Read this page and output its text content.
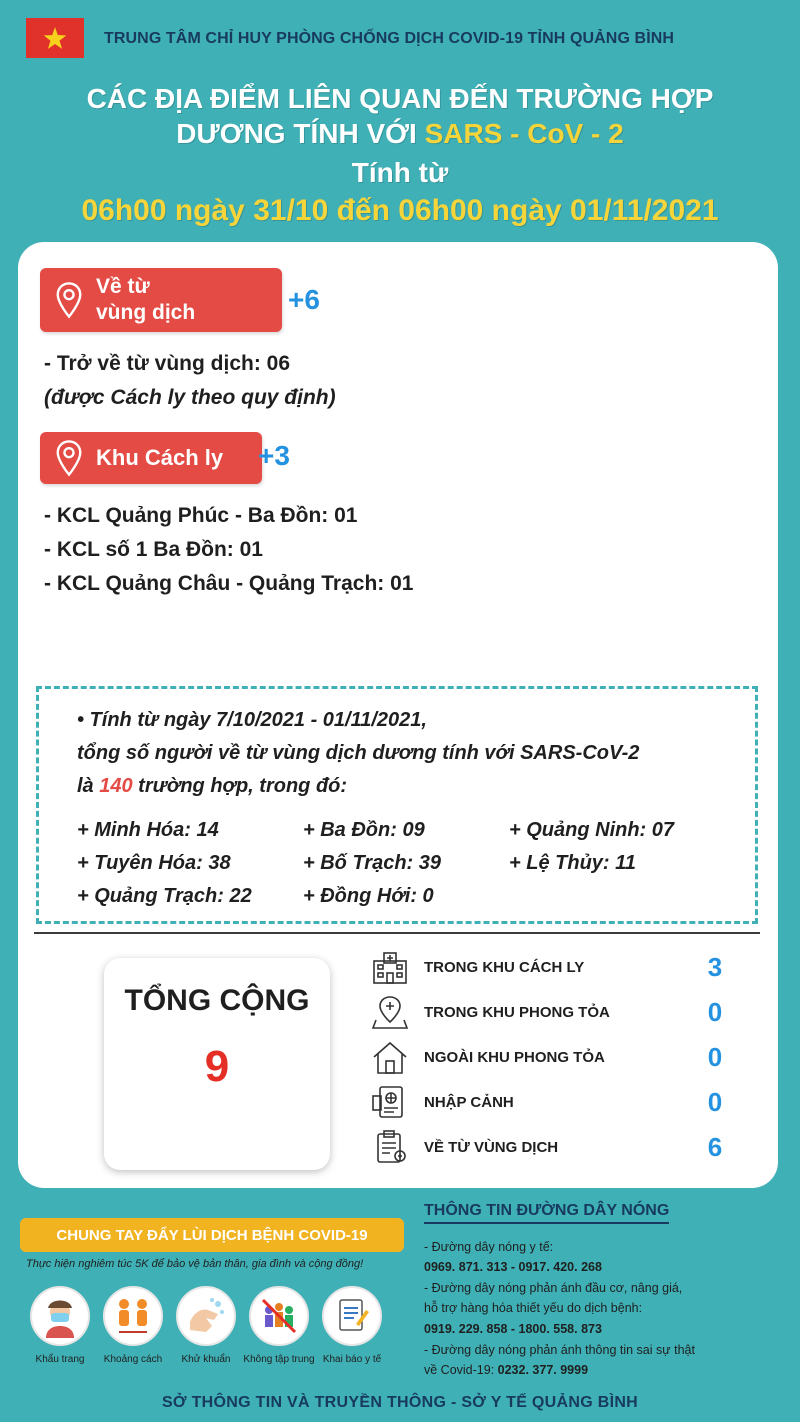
TRUNG TÂM CHỈ HUY PHÒNG CHỐNG DỊCH COVID-19 TỈNH QUẢNG BÌNH
CÁC ĐỊA ĐIỂM LIÊN QUAN ĐẾN TRƯỜNG HỢP
DƯƠNG TÍNH VỚI SARS - CoV - 2
Tính từ
06h00 ngày 31/10 đến 06h00 ngày 01/11/2021
Về từ
vùng dịch	+6
- Trở về từ vùng dịch: 06
(được Cách ly theo quy định)
Khu Cách ly +3
- KCL Quảng Phúc - Ba Đồn: 01
- KCL số 1 Ba Đồn: 01
- KCL Quảng Châu - Quảng Trạch: 01
• Tính từ ngày 7/10/2021 - 01/11/2021,
tổng số người về từ vùng dịch dương tính với SARS-CoV-2
là 140 trường hợp, trong đó:
+ Minh Hóa: 14	+ Ba Đồn: 09	+ Quảng Ninh: 07
+ Tuyên Hóa: 38	+ Bố Trạch: 39	+ Lệ Thủy: 11
+ Quảng Trạch: 22	+ Đồng Hới: 0
TỔNG CỘNG
9
TRONG KHU CÁCH LY	3
TRONG KHU PHONG TỎA	0
NGOÀI KHU PHONG TỎA	0
NHẬP CẢNH	0
VỀ TỪ VÙNG DỊCH	6
CHUNG TAY ĐẨY LÙI DỊCH BỆNH COVID-19
Thực hiện nghiêm túc 5K để bảo vệ bản thân, gia đình và cộng đồng!
Khẩu trang	Khoảng cách	Khử khuẩn	Không tập trung Khai báo y tế
THÔNG TIN ĐƯỜNG DÂY NÓNG
- Đường dây nóng y tế:
0969. 871. 313 - 0917. 420. 268
- Đường dây nóng phản ánh đầu cơ, nâng giá,
hỗ trợ hàng hóa thiết yếu do dịch bệnh:
0919. 229. 858 - 1800. 558. 873
- Đường dây nóng phản ánh thông tin sai sự thật
về Covid-19: 0232. 377. 9999
SỞ THÔNG TIN VÀ TRUYỀN THÔNG - SỞ Y TẾ QUẢNG BÌNH
